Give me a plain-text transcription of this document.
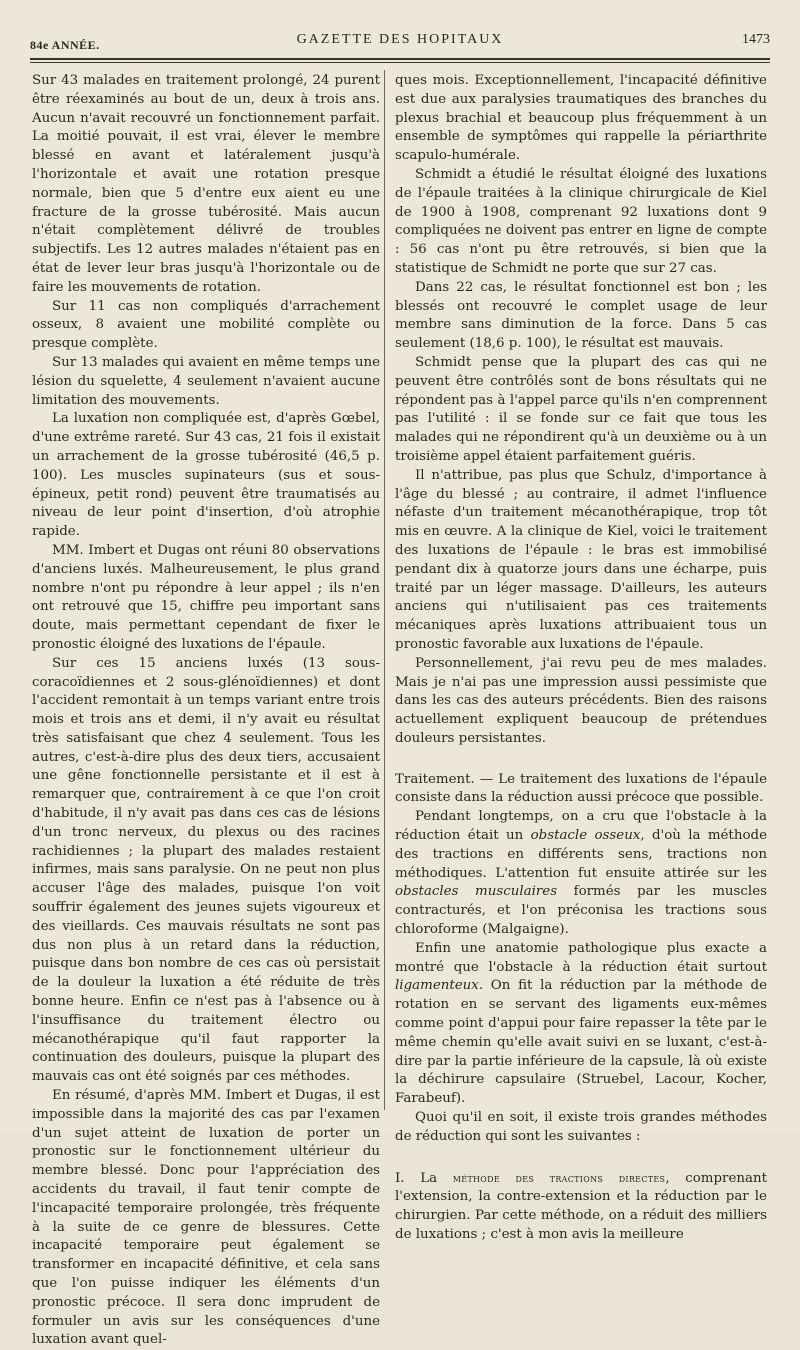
84e ANNÉE.	GAZETTE DES HOPITAUX	1473

Sur 43 malades en traitement prolongé, 24 purent être réexaminés au bout de un, deux à trois ans. Aucun n'avait recouvré un fonctionnement parfait. La moitié pouvait, il est vrai, élever le membre blessé en avant et latéralement jusqu'à l'horizontale et avait une rotation presque normale, bien que 5 d'entre eux aient eu une fracture de la grosse tubérosité. Mais aucun n'était complètement délivré de troubles subjectifs. Les 12 autres malades n'étaient pas en état de lever leur bras jusqu'à l'horizontale ou de faire les mouvements de rotation.

Sur 11 cas non compliqués d'arrachement osseux, 8 avaient une mobilité complète ou presque complète.

Sur 13 malades qui avaient en même temps une lésion du squelette, 4 seulement n'avaient aucune limitation des mouvements.

La luxation non compliquée est, d'après Gœbel, d'une extrême rareté. Sur 43 cas, 21 fois il existait un arrachement de la grosse tubérosité (46,5 p. 100). Les muscles supinateurs (sus et sous-épineux, petit rond) peuvent être traumatisés au niveau de leur point d'insertion, d'où atrophie rapide.

MM. Imbert et Dugas ont réuni 80 observations d'anciens luxés. Malheureusement, le plus grand nombre n'ont pu répondre à leur appel ; ils n'en ont retrouvé que 15, chiffre peu important sans doute, mais permettant cependant de fixer le pronostic éloigné des luxations de l'épaule.

Sur ces 15 anciens luxés (13 sous-coracoïdiennes et 2 sous-glénoïdiennes) et dont l'accident remontait à un temps variant entre trois mois et trois ans et demi, il n'y avait eu résultat très satisfaisant que chez 4 seulement. Tous les autres, c'est-à-dire plus des deux tiers, accusaient une gêne fonctionnelle persistante et il est à remarquer que, contrairement à ce que l'on croit d'habitude, il n'y avait pas dans ces cas de lésions d'un tronc nerveux, du plexus ou des racines rachidiennes ; la plupart des malades restaient infirmes, mais sans paralysie. On ne peut non plus accuser l'âge des malades, puisque l'on voit souffrir également des jeunes sujets vigoureux et des vieillards. Ces mauvais résultats ne sont pas dus non plus à un retard dans la réduction, puisque dans bon nombre de ces cas où persistait de la douleur la luxation a été réduite de très bonne heure. Enfin ce n'est pas à l'absence ou à l'insuffisance du traitement électro ou mécanothérapique qu'il faut rapporter la continuation des douleurs, puisque la plupart des mauvais cas ont été soignés par ces méthodes.

En résumé, d'après MM. Imbert et Dugas, il est impossible dans la majorité des cas par l'examen d'un sujet atteint de luxation de porter un pronostic sur le fonctionnement ultérieur du membre blessé. Donc pour l'appréciation des accidents du travail, il faut tenir compte de l'incapacité temporaire prolongée, très fréquente à la suite de ce genre de blessures. Cette incapacité temporaire peut également se transformer en incapacité définitive, et cela sans que l'on puisse indiquer les éléments d'un pronostic précoce. Il sera donc imprudent de formuler un avis sur les conséquences d'une luxation avant quel-

ques mois. Exceptionnellement, l'incapacité définitive est due aux paralysies traumatiques des branches du plexus brachial et beaucoup plus fréquemment à un ensemble de symptômes qui rappelle la périarthrite scapulo-humérale.

Schmidt a étudié le résultat éloigné des luxations de l'épaule traitées à la clinique chirurgicale de Kiel de 1900 à 1908, comprenant 92 luxations dont 9 compliquées ne doivent pas entrer en ligne de compte : 56 cas n'ont pu être retrouvés, si bien que la statistique de Schmidt ne porte que sur 27 cas.

Dans 22 cas, le résultat fonctionnel est bon ; les blessés ont recouvré le complet usage de leur membre sans diminution de la force. Dans 5 cas seulement (18,6 p. 100), le résultat est mauvais.

Schmidt pense que la plupart des cas qui ne peuvent être contrôlés sont de bons résultats qui ne répondent pas à l'appel parce qu'ils n'en comprennent pas l'utilité : il se fonde sur ce fait que tous les malades qui ne répondirent qu'à un deuxième ou à un troisième appel étaient parfaitement guéris.

Il n'attribue, pas plus que Schulz, d'importance à l'âge du blessé ; au contraire, il admet l'influence néfaste d'un traitement mécanothérapique, trop tôt mis en œuvre. A la clinique de Kiel, voici le traitement des luxations de l'épaule : le bras est immobilisé pendant dix à quatorze jours dans une écharpe, puis traité par un léger massage. D'ailleurs, les auteurs anciens qui n'utilisaient pas ces traitements mécaniques après luxations attribuaient tous un pronostic favorable aux luxations de l'épaule.

Personnellement, j'ai revu peu de mes malades. Mais je n'ai pas une impression aussi pessimiste que dans les cas des auteurs précédents. Bien des raisons actuellement expliquent beaucoup de prétendues douleurs persistantes.

Traitement. — Le traitement des luxations de l'épaule consiste dans la réduction aussi précoce que possible.

Pendant longtemps, on a cru que l'obstacle à la réduction était un obstacle osseux, d'où la méthode des tractions en différents sens, tractions non méthodiques. L'attention fut ensuite attirée sur les obstacles musculaires formés par les muscles contracturés, et l'on préconisa les tractions sous chloroforme (Malgaigne).

Enfin une anatomie pathologique plus exacte a montré que l'obstacle à la réduction était surtout ligamenteux. On fit la réduction par la méthode de rotation en se servant des ligaments eux-mêmes comme point d'appui pour faire repasser la tête par le même chemin qu'elle avait suivi en se luxant, c'est-à-dire par la partie inférieure de la capsule, là où existe la déchirure capsulaire (Struebel, Lacour, Kocher, Farabeuf).

Quoi qu'il en soit, il existe trois grandes méthodes de réduction qui sont les suivantes :

I. La méthode des tractions directes, comprenant l'extension, la contre-extension et la réduction par le chirurgien. Par cette méthode, on a réduit des milliers de luxations ; c'est à mon avis la meilleure
